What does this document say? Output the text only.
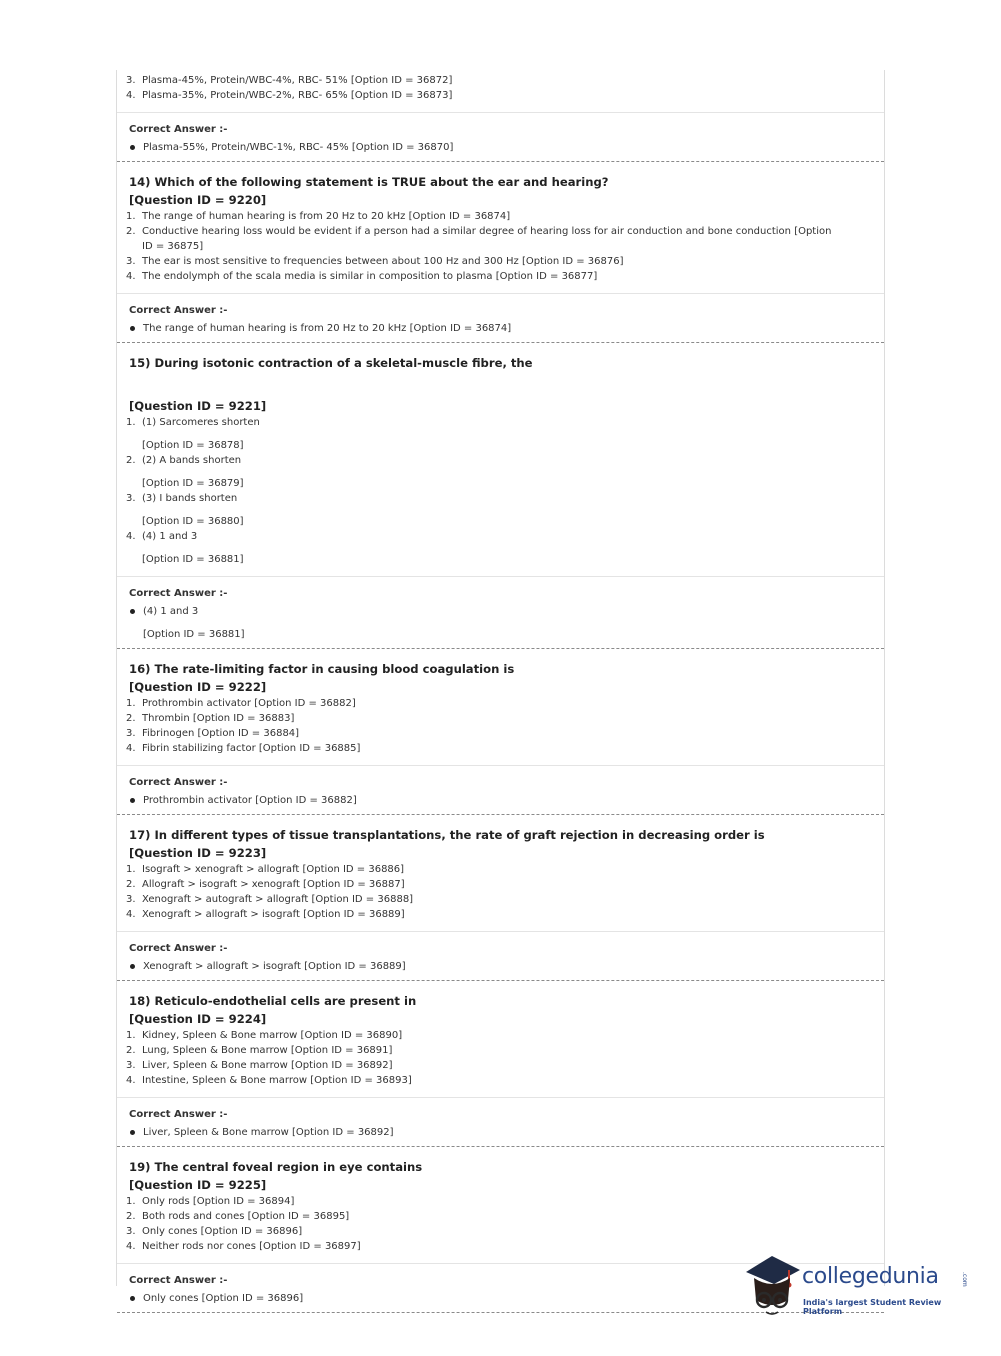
3. Plasma-45%, Protein/WBC-4%, RBC- 51% [Option ID = 36872]
4. Plasma-35%, Protein/WBC-2%, RBC- 65% [Option ID = 36873]
Correct Answer :-
Plasma-55%, Protein/WBC-1%, RBC- 45% [Option ID = 36870]
14) Which of the following statement is TRUE about the ear and hearing?
[Question ID = 9220]
1. The range of human hearing is from 20 Hz to 20 kHz [Option ID = 36874]
2. Conductive hearing loss would be evident if a person had a similar degree of hearing loss for air conduction and bone conduction [Option ID = 36875]
3. The ear is most sensitive to frequencies between about 100 Hz and 300 Hz [Option ID = 36876]
4. The endolymph of the scala media is similar in composition to plasma [Option ID = 36877]
Correct Answer :-
The range of human hearing is from 20 Hz to 20 kHz [Option ID = 36874]
15) During isotonic contraction of a skeletal-muscle fibre, the
[Question ID = 9221]
1. (1) Sarcomeres shorten
[Option ID = 36878]
2. (2) A bands shorten
[Option ID = 36879]
3. (3) I bands shorten
[Option ID = 36880]
4. (4) 1 and 3
[Option ID = 36881]
Correct Answer :-
(4) 1 and 3
[Option ID = 36881]
16) The rate-limiting factor in causing blood coagulation is
[Question ID = 9222]
1. Prothrombin activator [Option ID = 36882]
2. Thrombin [Option ID = 36883]
3. Fibrinogen [Option ID = 36884]
4. Fibrin stabilizing factor [Option ID = 36885]
Correct Answer :-
Prothrombin activator [Option ID = 36882]
17) In different types of tissue transplantations, the rate of graft rejection in decreasing order is
[Question ID = 9223]
1. Isograft > xenograft > allograft [Option ID = 36886]
2. Allograft > isograft > xenograft [Option ID = 36887]
3. Xenograft > autograft > allograft [Option ID = 36888]
4. Xenograft > allograft > isograft [Option ID = 36889]
Correct Answer :-
Xenograft > allograft > isograft [Option ID = 36889]
18) Reticulo-endothelial cells are present in
[Question ID = 9224]
1. Kidney, Spleen & Bone marrow [Option ID = 36890]
2. Lung, Spleen & Bone marrow [Option ID = 36891]
3. Liver, Spleen & Bone marrow [Option ID = 36892]
4. Intestine, Spleen & Bone marrow [Option ID = 36893]
Correct Answer :-
Liver, Spleen & Bone marrow [Option ID = 36892]
19) The central foveal region in eye contains
[Question ID = 9225]
1. Only rods [Option ID = 36894]
2. Both rods and cones [Option ID = 36895]
3. Only cones [Option ID = 36896]
4. Neither rods nor cones [Option ID = 36897]
Correct Answer :-
Only cones [Option ID = 36896]
collegedunia	.com
India's largest Student Review Platform
